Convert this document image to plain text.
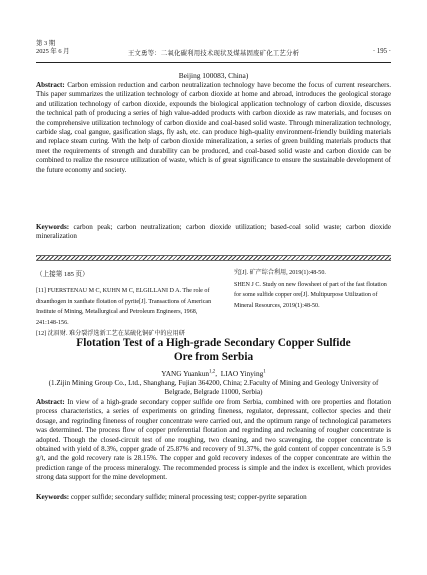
第 3 期
2025 年 6 月	王文勇等：二氧化碳利用技术现状及煤基固废矿化工艺分析	· 195 ·
Beijing 100083, China)
Abstract: Carbon emission reduction and carbon neutralization technology have become the focus of current researchers. This paper summarizes the utilization technology of carbon dioxide at home and abroad, introduces the geological storage and utilization technology of carbon dioxide, expounds the biological application technology of carbon dioxide, discusses the technical path of producing a series of high value-added products with carbon dioxide as raw materials, and focuses on the comprehensive utilization technology of carbon dioxide and coal-based solid waste. Through mineralization technology, carbide slag, coal gangue, gasification slags, fly ash, etc. can produce high-quality environment-friendly building materials and replace steam curing. With the help of carbon dioxide mineralization, a series of green building materials products that meet the requirements of strength and durability can be produced, and coal-based solid waste and carbon dioxide can be combined to realize the resource utilization of waste, which is of great significance to ensure the sustainable development of the future economy and society.
Keywords: carbon peak; carbon neutralization; carbon dioxide utilization; based-coal solid waste; carbon dioxide mineralization
（上接第 185 页）
[11] FUERSTENAU M C, KUHN M C, ELGILLANI D A. The role of dixanthogen in xanthate flotation of pyrite[J]. Transactions of American Institute of Mining, Metallurgical and Petroleum Engineers, 1968, 241:148-156.
[12] 沈眉财. 难分裂浮选新工艺在某硫化铜矿中的应用研
究[J]. 矿产综合利用, 2019(1):48-50.
SHEN J C. Study on new flowsheet of part of the fast flotation for some sulfide copper ore[J]. Multipurpose Utilization of Mineral Resources, 2019(1):48-50.
Flotation Test of a High-grade Secondary Copper Sulfide
Ore from Serbia
YANG Yuankun$^{1,2}$,  LIAO Yinying$^1$
(1.Zijin Mining Group Co., Ltd., Shanghang, Fujian 364200, China; 2.Faculty of Mining and Geology University of Belgrade, Belgrade 11000, Serbia)
Abstract: In view of a high-grade secondary copper sulfide ore from Serbia, combined with ore properties and flotation process characteristics, a series of experiments on grinding fineness, regulator, depressant, collector species and their dosage, and regrinding fineness of rougher concentrate were carried out, and the optimum range of technological parameters was determined. The process flow of copper preferential flotation and regrinding and recleaning of rougher concentrate is adopted. Though the closed-circuit test of one roughing, two cleaning, and two scavenging, the copper concentrate is obtained with yield of 8.3%, copper grade of 25.87% and recovery of 91.37%, the gold content of copper concentrate is 5.9 g/t, and the gold recovery rate is 28.15%. The copper and gold recovery indexes of the copper concentrate are within the prediction range of the process mineralogy. The recommended process is simple and the index is excellent, which provides strong data support for the mine development.
Keywords: copper sulfide; secondary sulfide; mineral processing test; copper-pyrite separation
